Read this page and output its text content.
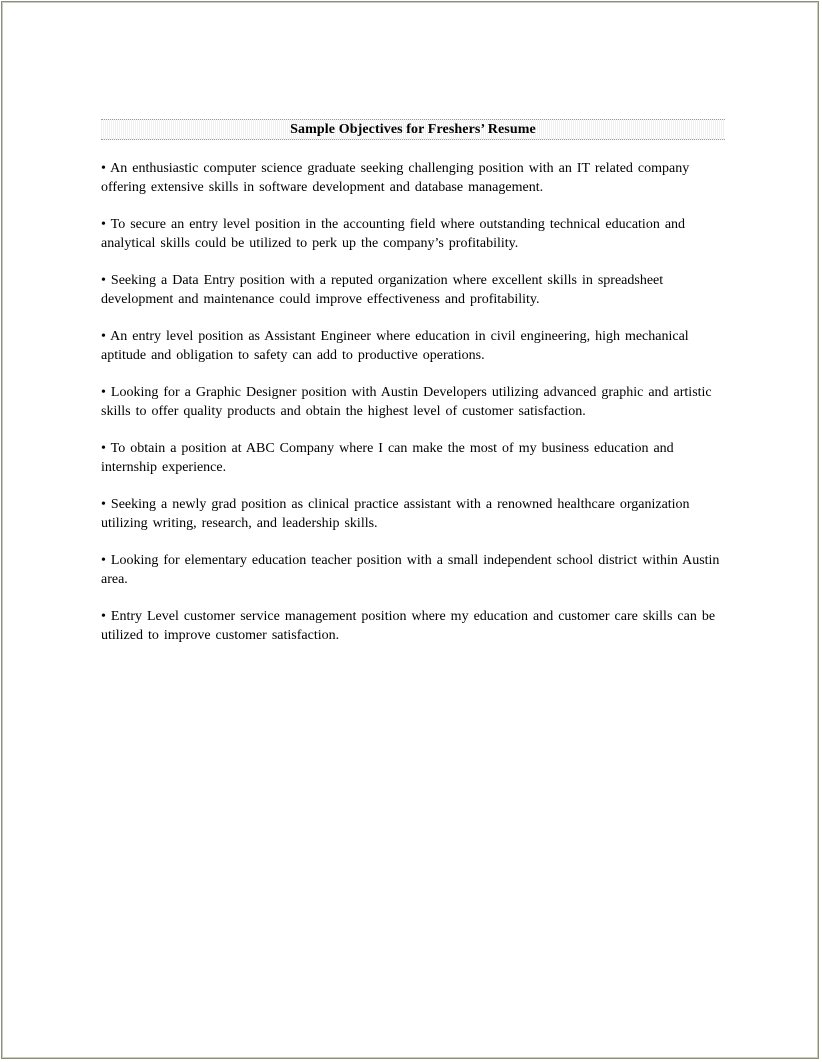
Sample Objectives for Freshers’ Resume
• An enthusiastic computer science graduate seeking challenging position with an IT related company offering extensive skills in software development and database management.
• To secure an entry level position in the accounting field where outstanding technical education and analytical skills could be utilized to perk up the company’s profitability.
• Seeking a Data Entry position with a reputed organization where excellent skills in spreadsheet development and maintenance could improve effectiveness and profitability.
• An entry level position as Assistant Engineer where education in civil engineering, high mechanical aptitude and obligation to safety can add to productive operations.
• Looking for a Graphic Designer position with Austin Developers utilizing advanced graphic and artistic skills to offer quality products and obtain the highest level of customer satisfaction.
• To obtain a position at ABC Company where I can make the most of my business education and internship experience.
• Seeking a newly grad position as clinical practice assistant with a renowned healthcare organization utilizing writing, research, and leadership skills.
• Looking for elementary education teacher position with a small independent school district within Austin area.
• Entry Level customer service management position where my education and customer care skills can be utilized to improve customer satisfaction.
